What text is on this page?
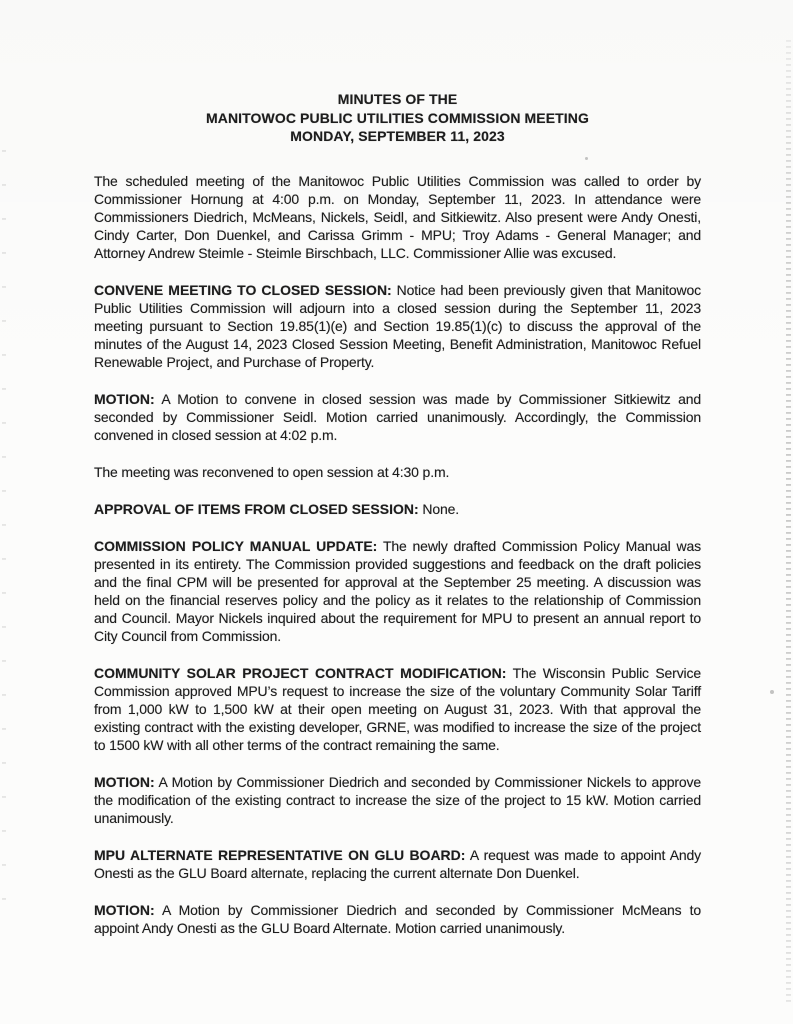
MINUTES OF THE
MANITOWOC PUBLIC UTILITIES COMMISSION MEETING
MONDAY, SEPTEMBER 11, 2023

The scheduled meeting of the Manitowoc Public Utilities Commission was called to order by Commissioner Hornung at 4:00 p.m. on Monday, September 11, 2023. In attendance were Commissioners Diedrich, McMeans, Nickels, Seidl, and Sitkiewitz. Also present were Andy Onesti, Cindy Carter, Don Duenkel, and Carissa Grimm - MPU; Troy Adams - General Manager; and Attorney Andrew Steimle - Steimle Birschbach, LLC. Commissioner Allie was excused.

CONVENE MEETING TO CLOSED SESSION: Notice had been previously given that Manitowoc Public Utilities Commission will adjourn into a closed session during the September 11, 2023 meeting pursuant to Section 19.85(1)(e) and Section 19.85(1)(c) to discuss the approval of the minutes of the August 14, 2023 Closed Session Meeting, Benefit Administration, Manitowoc Refuel Renewable Project, and Purchase of Property.

MOTION: A Motion to convene in closed session was made by Commissioner Sitkiewitz and seconded by Commissioner Seidl. Motion carried unanimously. Accordingly, the Commission convened in closed session at 4:02 p.m.

The meeting was reconvened to open session at 4:30 p.m.

APPROVAL OF ITEMS FROM CLOSED SESSION: None.

COMMISSION POLICY MANUAL UPDATE: The newly drafted Commission Policy Manual was presented in its entirety. The Commission provided suggestions and feedback on the draft policies and the final CPM will be presented for approval at the September 25 meeting. A discussion was held on the financial reserves policy and the policy as it relates to the relationship of Commission and Council. Mayor Nickels inquired about the requirement for MPU to present an annual report to City Council from Commission.

COMMUNITY SOLAR PROJECT CONTRACT MODIFICATION: The Wisconsin Public Service Commission approved MPU’s request to increase the size of the voluntary Community Solar Tariff from 1,000 kW to 1,500 kW at their open meeting on August 31, 2023. With that approval the existing contract with the existing developer, GRNE, was modified to increase the size of the project to 1500 kW with all other terms of the contract remaining the same.

MOTION: A Motion by Commissioner Diedrich and seconded by Commissioner Nickels to approve the modification of the existing contract to increase the size of the project to 15 kW. Motion carried unanimously.

MPU ALTERNATE REPRESENTATIVE ON GLU BOARD: A request was made to appoint Andy Onesti as the GLU Board alternate, replacing the current alternate Don Duenkel.

MOTION: A Motion by Commissioner Diedrich and seconded by Commissioner McMeans to appoint Andy Onesti as the GLU Board Alternate. Motion carried unanimously.
